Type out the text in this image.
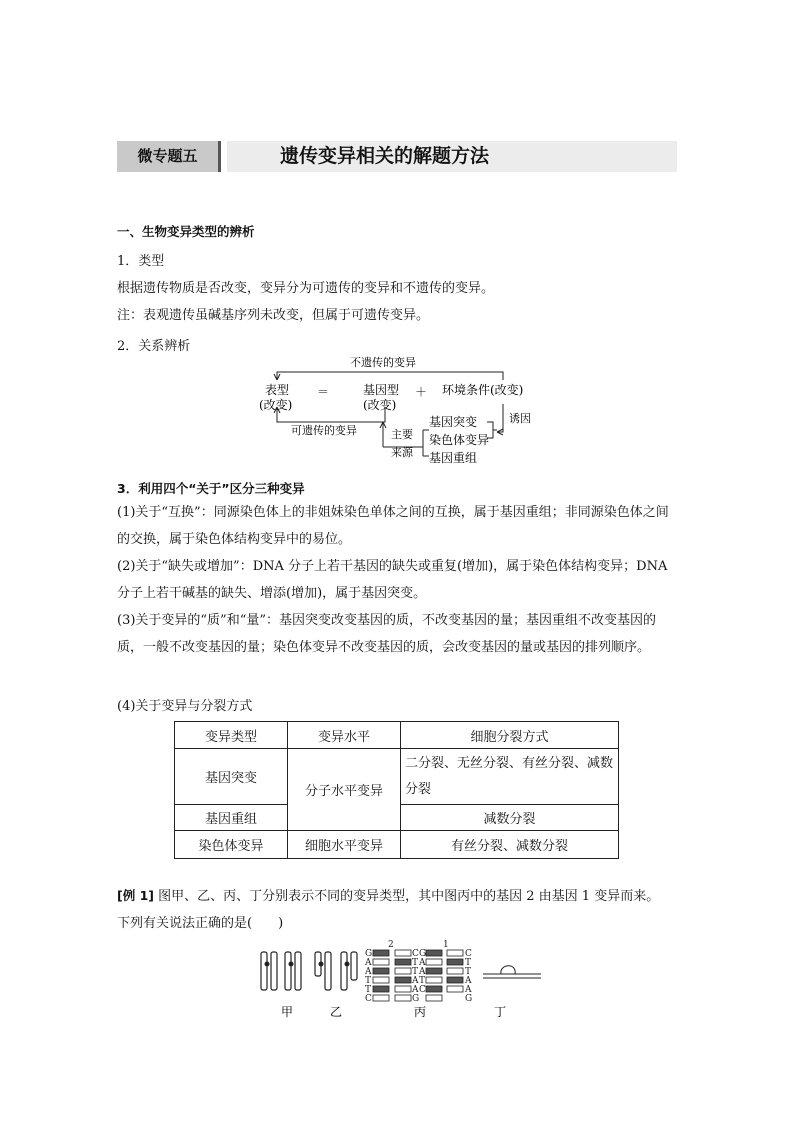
微专题五	遗传变异相关的解题方法
一、生物变异类型的辨析
1．类型
根据遗传物质是否改变，变异分为可遗传的变异和不遗传的变异。
注：表观遗传虽碱基序列未改变，但属于可遗传变异。
2．关系辨析
不遗传的变异
表型
(改变)
＝	基因型
(改变)
＋ 环境条件(改变)
可遗传的变异	主要
来源
诱因
基因突变
染色体变异
基因重组
3．利用四个“关于”区分三种变异
(1)关于“互换”：同源染色体上的非姐妹染色单体之间的互换，属于基因重组；非同源染色体之间的交换，属于染色体结构变异中的易位。
(2)关于“缺失或增加”：DNA 分子上若干基因的缺失或重复(增加)，属于染色体结构变异；DNA 分子上若干碱基的缺失、增添(增加)，属于基因突变。
(3)关于变异的“质”和“量”：基因突变改变基因的质，不改变基因的量；基因重组不改变基因的质，一般不改变基因的量；染色体变异不改变基因的质，会改变基因的量或基因的排列顺序。
(4)关于变异与分裂方式
变异类型	变异水平	细胞分裂方式
基因突变	分子水平变异	二分裂、无丝分裂、有丝分裂、减数分裂
基因重组		减数分裂
染色体变异	细胞水平变异	有丝分裂、减数分裂
[例 1] 图甲、乙、丙、丁分别表示不同的变异类型，其中图丙中的基因 2 由基因 1 变异而来。
下列有关说法正确的是(　　)
2	1
G
A
A
T
T
C
C
T
T
A
A
G
G
A
A
T
C
C
T
T
A
A
G
甲	乙	丙	丁
